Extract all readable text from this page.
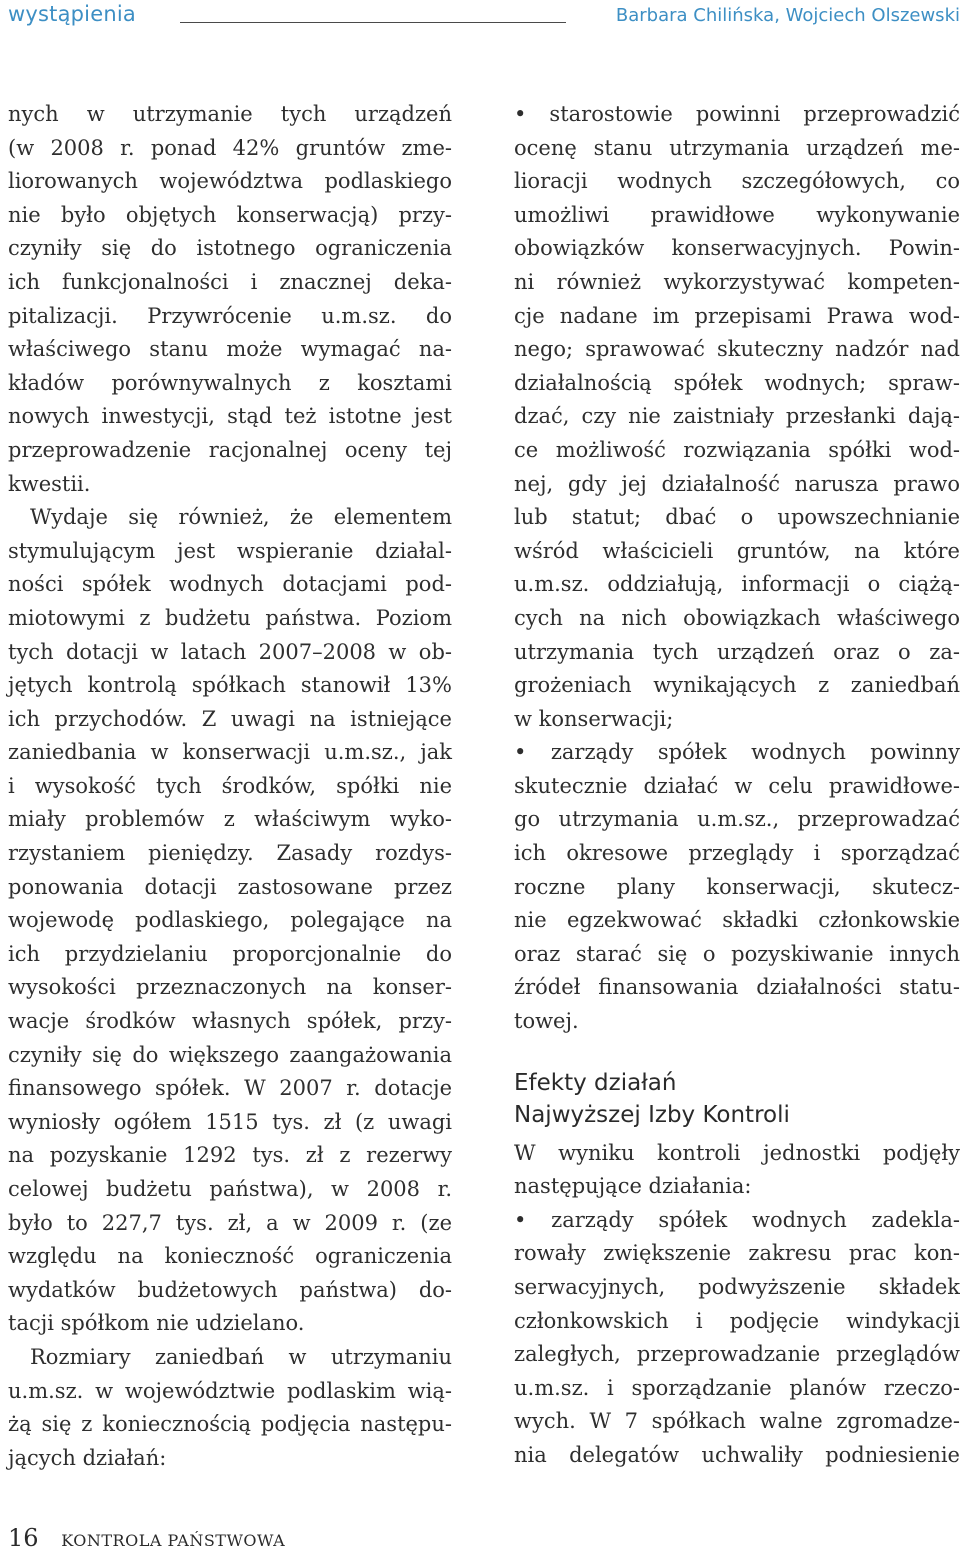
wystąpienia	Barbara Chilińska, Wojciech Olszewski
nych w utrzymanie tych urządzeń
(w 2008 r. ponad 42% gruntów zme-
liorowanych województwa podlaskiego
nie było objętych konserwacją) przy-
czyniły się do istotnego ograniczenia
ich funkcjonalności i znacznej deka-
pitalizacji. Przywrócenie u.m.sz. do
właściwego stanu może wymagać na-
kładów porównywalnych z kosztami
nowych inwestycji, stąd też istotne jest
przeprowadzenie racjonalnej oceny tej
kwestii.
Wydaje się również, że elementem
stymulującym jest wspieranie działal-
ności spółek wodnych dotacjami pod-
miotowymi z budżetu państwa. Poziom
tych dotacji w latach 2007–2008 w ob-
jętych kontrolą spółkach stanowił 13%
ich przychodów. Z uwagi na istniejące
zaniedbania w konserwacji u.m.sz., jak
i wysokość tych środków, spółki nie
miały problemów z właściwym wyko-
rzystaniem pieniędzy. Zasady rozdys-
ponowania dotacji zastosowane przez
wojewodę podlaskiego, polegające na
ich przydzielaniu proporcjonalnie do
wysokości przeznaczonych na konser-
wacje środków własnych spółek, przy-
czyniły się do większego zaangażowania
finansowego spółek. W 2007 r. dotacje
wyniosły ogółem 1515 tys. zł (z uwagi
na pozyskanie 1292 tys. zł z rezerwy
celowej budżetu państwa), w 2008 r.
było to 227,7 tys. zł, a w 2009 r. (ze
względu na konieczność ograniczenia
wydatków budżetowych państwa) do-
tacji spółkom nie udzielano.
Rozmiary zaniedbań w utrzymaniu
u.m.sz. w województwie podlaskim wią-
żą się z koniecznością podjęcia następu-
jących działań:
• starostowie powinni przeprowadzić
ocenę stanu utrzymania urządzeń me-
lioracji wodnych szczegółowych, co
umożliwi prawidłowe wykonywanie
obowiązków konserwacyjnych. Powin-
ni również wykorzystywać kompeten-
cje nadane im przepisami Prawa wod-
nego; sprawować skuteczny nadzór nad
działalnością spółek wodnych; spraw-
dzać, czy nie zaistniały przesłanki dają-
ce możliwość rozwiązania spółki wod-
nej, gdy jej działalność narusza prawo
lub statut; dbać o upowszechnianie
wśród właścicieli gruntów, na które
u.m.sz. oddziałują, informacji o ciążą-
cych na nich obowiązkach właściwego
utrzymania tych urządzeń oraz o za-
grożeniach wynikających z zaniedbań
w konserwacji;
• zarządy spółek wodnych powinny
skutecznie działać w celu prawidłowe-
go utrzymania u.m.sz., przeprowadzać
ich okresowe przeglądy i sporządzać
roczne plany konserwacji, skutecz-
nie egzekwować składki członkowskie
oraz starać się o pozyskiwanie innych
źródeł finansowania działalności statu-
towej.
Efekty działań
Najwyższej Izby Kontroli
W wyniku kontroli jednostki podjęły
następujące działania:
• zarządy spółek wodnych zadekla-
rowały zwiększenie zakresu prac kon-
serwacyjnych, podwyższenie składek
członkowskich i podjęcie windykacji
zaległych, przeprowadzanie przeglądów
u.m.sz. i sporządzanie planów rzeczo-
wych. W 7 spółkach walne zgromadze-
nia delegatów uchwaliły podniesienie
16 KONTROLA PAŃSTWOWA
